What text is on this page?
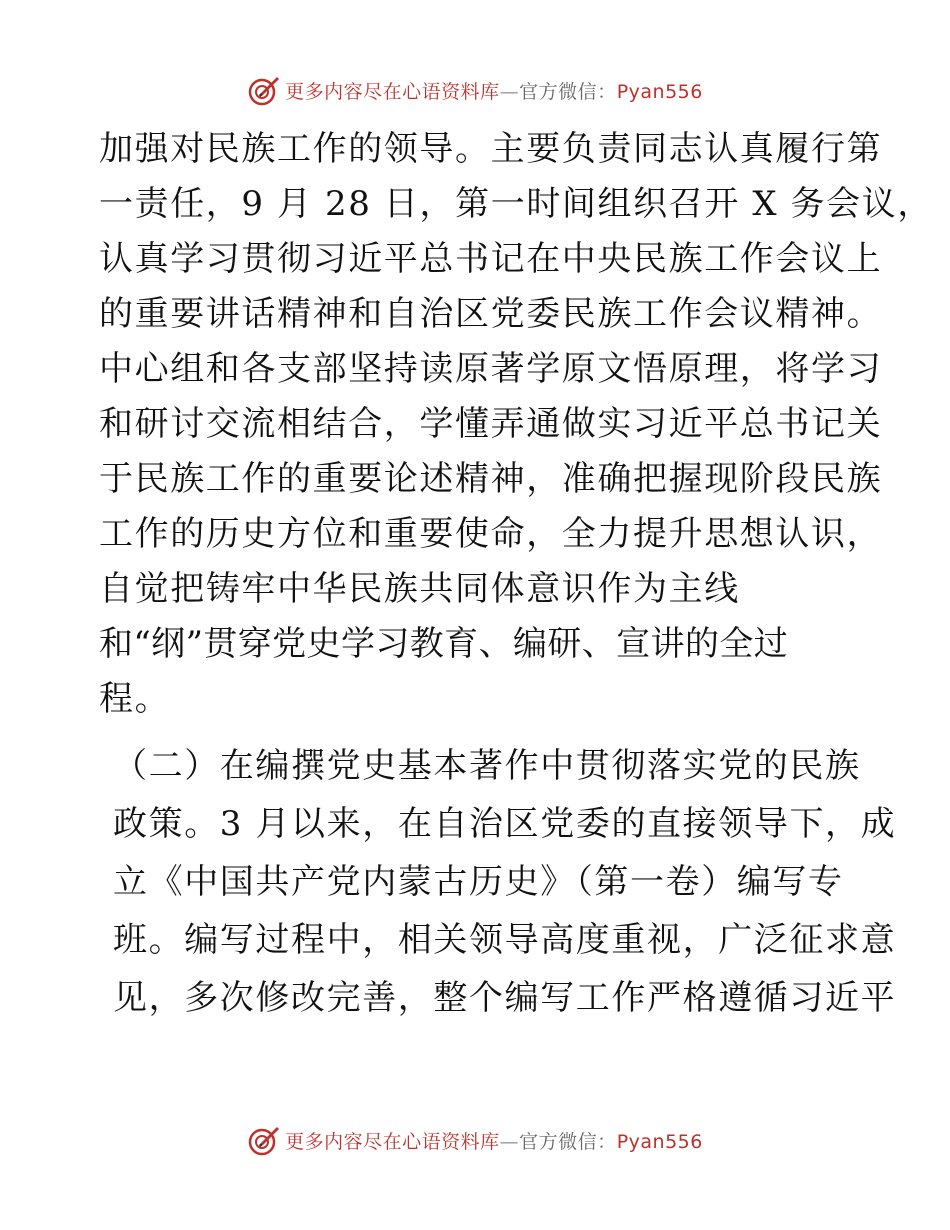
更多内容尽在心语资料库—官方微信：Pyan556
加强对民族工作的领导。主要负责同志认真履行第
一责任，9 月 28 日，第一时间组织召开 X 务会议，
认真学习贯彻习近平总书记在中央民族工作会议上
的重要讲话精神和自治区党委民族工作会议精神。
中心组和各支部坚持读原著学原文悟原理，将学习
和研讨交流相结合，学懂弄通做实习近平总书记关
于民族工作的重要论述精神，准确把握现阶段民族
工作的历史方位和重要使命，全力提升思想认识，
自觉把铸牢中华民族共同体意识作为主线
和“纲”贯穿党史学习教育、编研、宣讲的全过
程。
（二）在编撰党史基本著作中贯彻落实党的民族
政策。3 月以来，在自治区党委的直接领导下，成
立《中国共产党内蒙古历史》（第一卷）编写专
班。编写过程中，相关领导高度重视，广泛征求意
见，多次修改完善，整个编写工作严格遵循习近平
更多内容尽在心语资料库—官方微信：Pyan556
